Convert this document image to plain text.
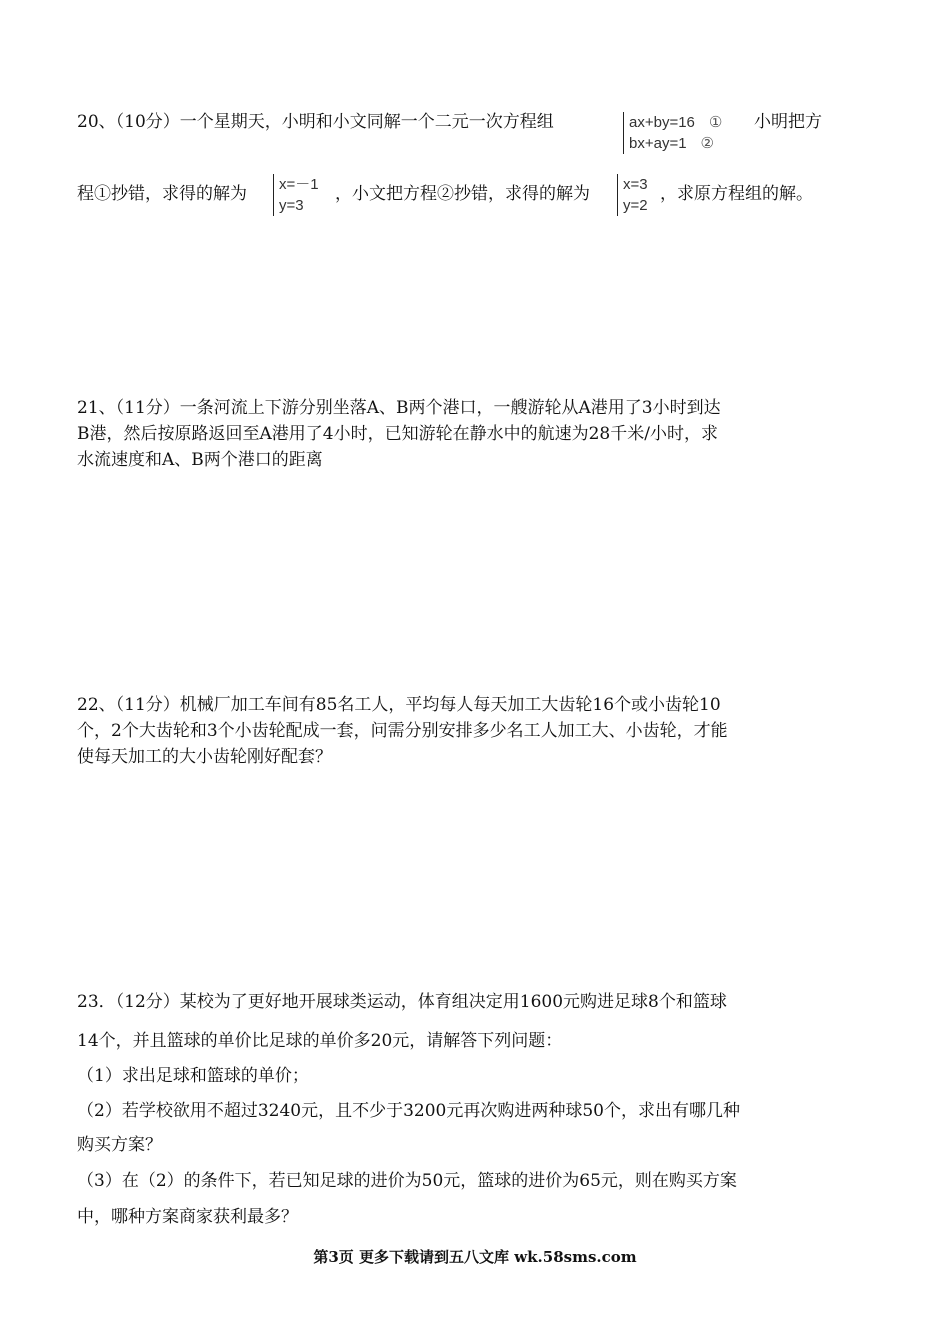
20、（10分）一个星期天，小明和小文同解一个二元一次方程组	ax+by=16 ①
bx+ay=1 ②
小明把方
程①抄错，求得的解为 x=－1
y=3
，小文把方程②抄错，求得的解为 x=3
y=2
，求原方程组的解。
21、（11分）一条河流上下游分别坐落A、B两个港口，一艘游轮从A港用了3小时到达
B港，然后按原路返回至A港用了4小时，已知游轮在静水中的航速为28千米/小时，求
水流速度和A、B两个港口的距离
22、（11分）机械厂加工车间有85名工人，平均每人每天加工大齿轮16个或小齿轮10
个，2个大齿轮和3个小齿轮配成一套，问需分别安排多少名工人加工大、小齿轮，才能
使每天加工的大小齿轮刚好配套？
23．（12分）某校为了更好地开展球类运动，体育组决定用1600元购进足球8个和篮球
14个，并且篮球的单价比足球的单价多20元，请解答下列问题：
（1）求出足球和篮球的单价；
（2）若学校欲用不超过3240元，且不少于3200元再次购进两种球50个，求出有哪几种
购买方案？
（3）在（2）的条件下，若已知足球的进价为50元，篮球的进价为65元，则在购买方案
中，哪种方案商家获利最多？
第3页 更多下载请到五八文库 wk.58sms.com
